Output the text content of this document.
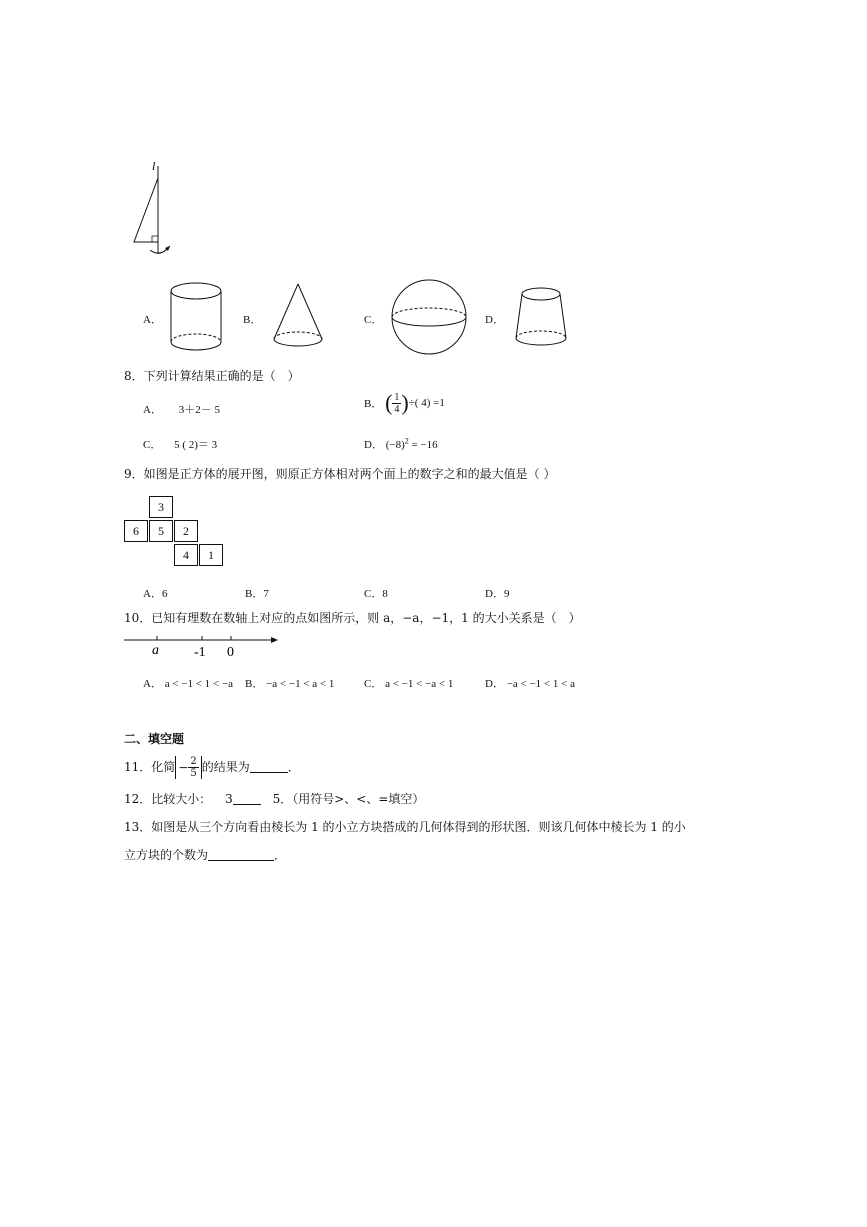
l
A．	B．	C．	D．
8．下列计算结果正确的是（　）
A． 3＋2－ 5	B． ( $\frac{1}{4}$ )÷( 4) =1
C． 5 ( 2)＝ 3	D． $(-8)^2 = -16$
9．如图是正方体的展开图，则原正方体相对两个面上的数字之和的最大值是（ ）
3
6	5	2
4	1
A．6	B．7	C．8	D．9
10．已知有理数在数轴上对应的点如图所示，则 a，−a，−1，1 的大小关系是（　）
a	-1 0
A． a < −1 < 1 < −a B． −a < −1 < a < 1	C． a < −1 < −a < 1	D． −a < −1 < 1 < a
二、填空题
11．化简 − $\frac{2}{5}$ 的结果为	．
12．比较大小： 3	5．（用符号>、<、=填空）
13．如图是从三个方向看由棱长为 1 的小立方块搭成的几何体得到的形状图．则该几何体中棱长为 1 的小
立方块的个数为	．
